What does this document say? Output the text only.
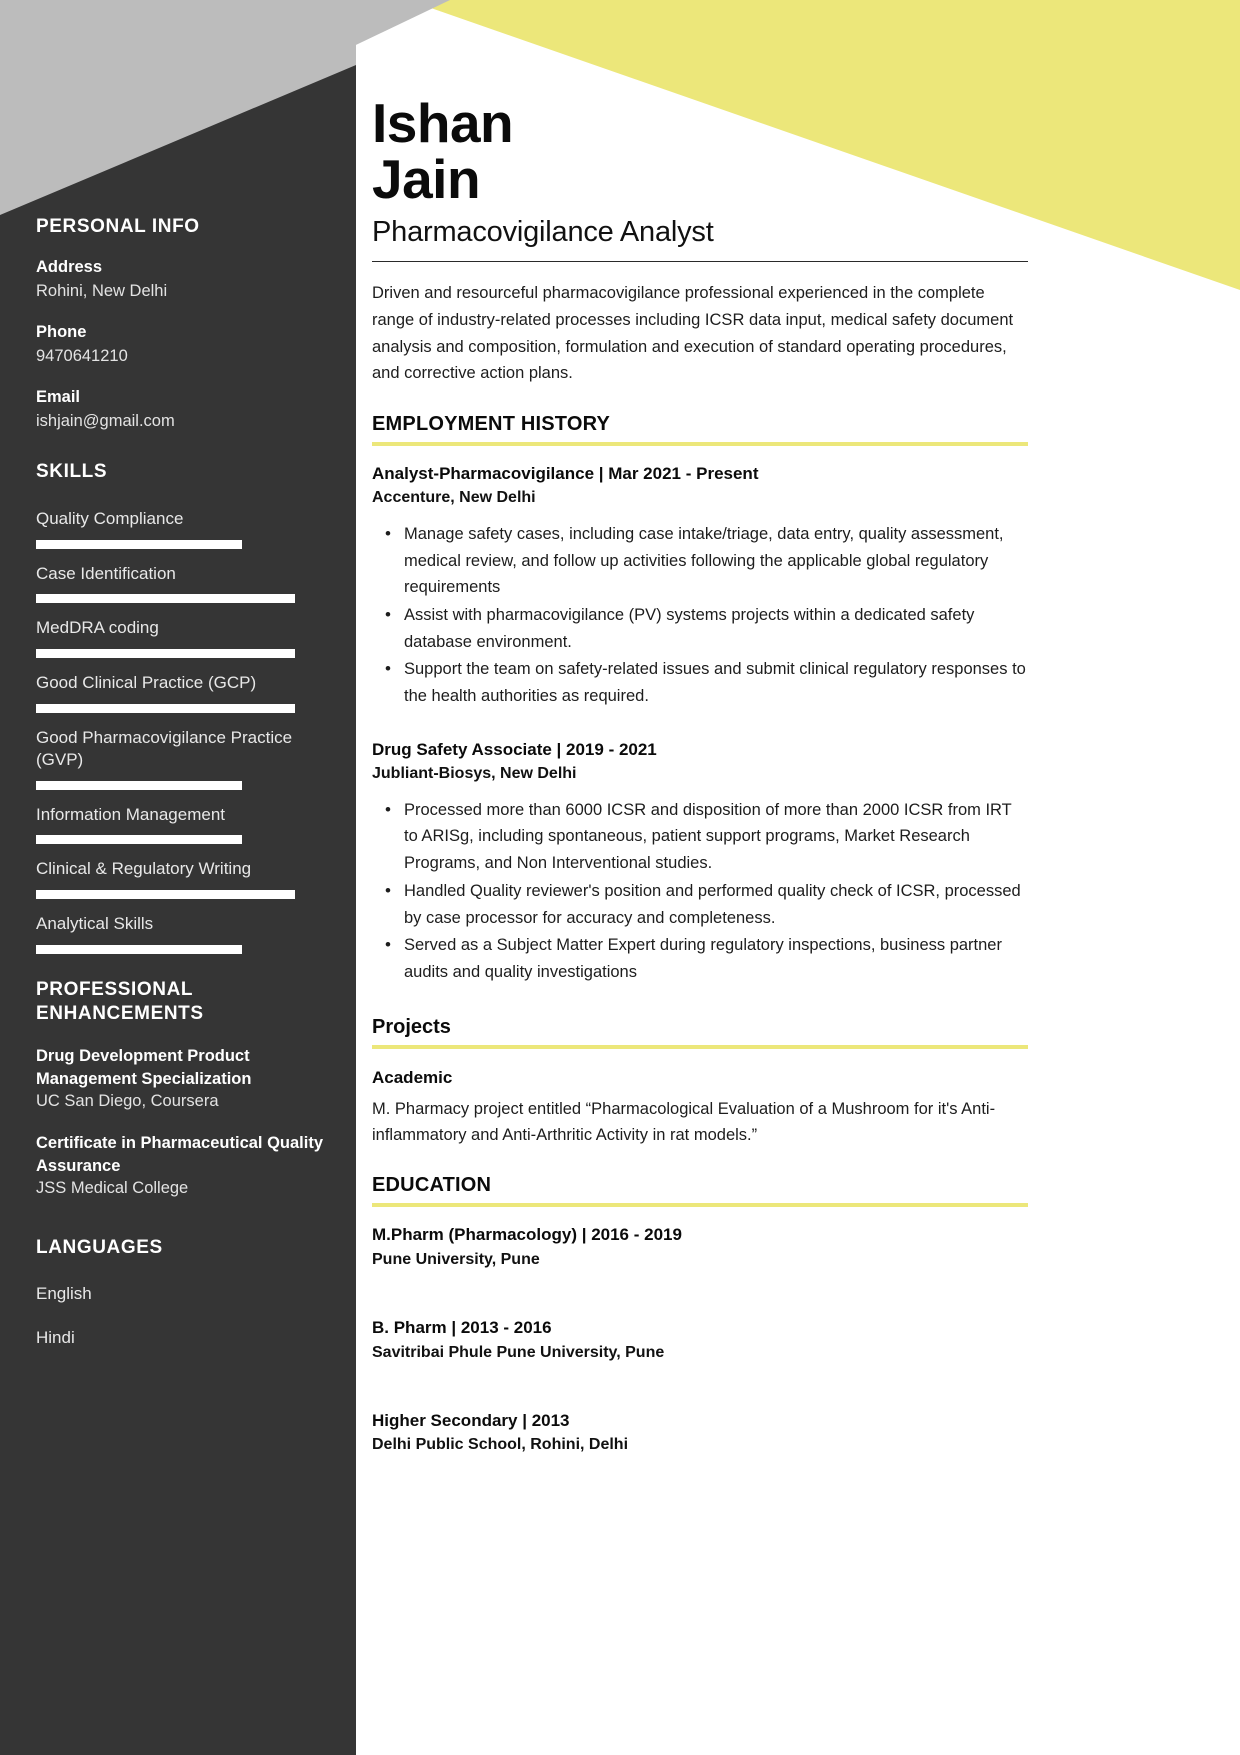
PERSONAL INFO
Address
Rohini, New Delhi
Phone
9470641210
Email
ishjain@gmail.com
SKILLS
Quality Compliance
Case Identification
MedDRA coding
Good Clinical Practice (GCP)
Good Pharmacovigilance Practice (GVP)
Information Management
Clinical & Regulatory Writing
Analytical Skills
PROFESSIONAL ENHANCEMENTS
Drug Development Product Management Specialization
UC San Diego, Coursera
Certificate in Pharmaceutical Quality Assurance
JSS Medical College
LANGUAGES
English
Hindi
Ishan
Jain
Pharmacovigilance Analyst
Driven and resourceful pharmacovigilance professional experienced in the complete range of industry-related processes including ICSR data input, medical safety document analysis and composition, formulation and execution of standard operating procedures, and corrective action plans.
EMPLOYMENT HISTORY
Analyst-Pharmacovigilance | Mar 2021 - Present
Accenture, New Delhi
• Manage safety cases, including case intake/triage, data entry, quality assessment, medical review, and follow up activities following the applicable global regulatory requirements
• Assist with pharmacovigilance (PV) systems projects within a dedicated safety database environment.
• Support the team on safety-related issues and submit clinical regulatory responses to the health authorities as required.
Drug Safety Associate | 2019 - 2021
Jubliant-Biosys, New Delhi
• Processed more than 6000 ICSR and disposition of more than 2000 ICSR from IRT to ARISg, including spontaneous, patient support programs, Market Research Programs, and Non Interventional studies.
• Handled Quality reviewer's position and performed quality check of ICSR, processed by case processor for accuracy and completeness.
• Served as a Subject Matter Expert during regulatory inspections, business partner audits and quality investigations
Projects
Academic
M. Pharmacy project entitled “Pharmacological Evaluation of a Mushroom for it's Anti-inflammatory and Anti-Arthritic Activity in rat models.”
EDUCATION
M.Pharm (Pharmacology) | 2016 - 2019
Pune University, Pune
B. Pharm | 2013 - 2016
Savitribai Phule Pune University, Pune
Higher Secondary | 2013
Delhi Public School, Rohini, Delhi
